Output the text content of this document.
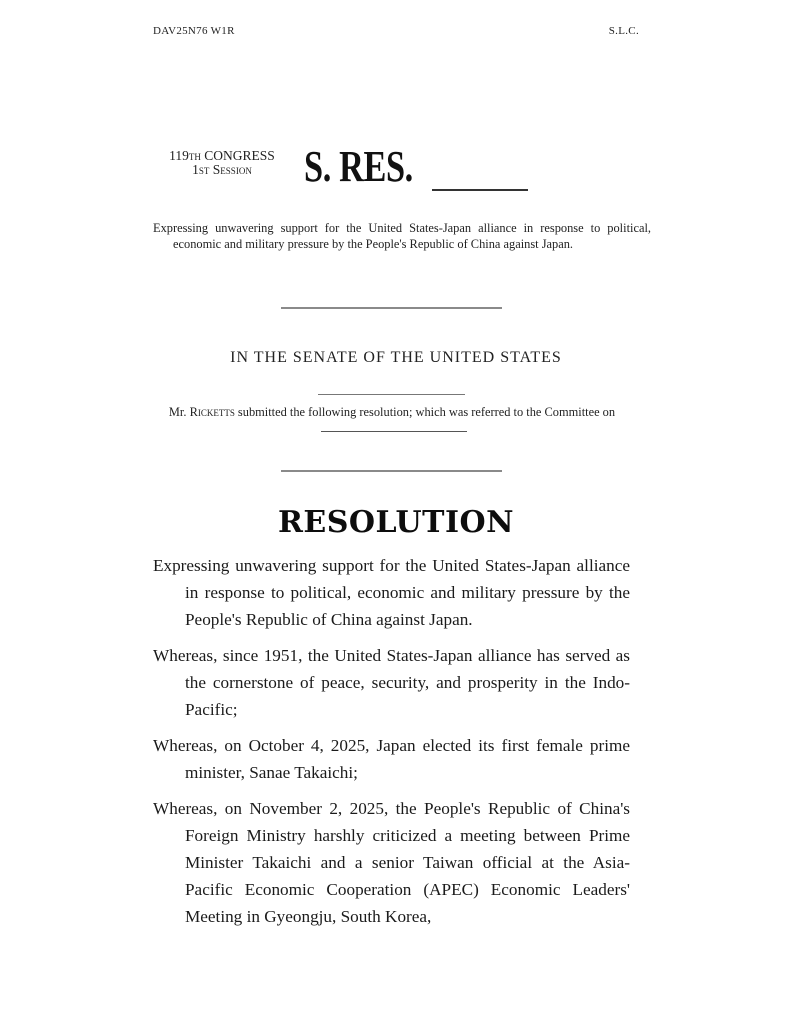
DAV25N76 W1R	S.L.C.
119th CONGRESS
1st Session	S. RES.
Expressing unwavering support for the United States-Japan alliance in response to political, economic and military pressure by the People's Republic of China against Japan.
IN THE SENATE OF THE UNITED STATES
Mr. Ricketts submitted the following resolution; which was referred to the Committee on
RESOLUTION

Expressing unwavering support for the United States-Japan alliance in response to political, economic and military pressure by the People's Republic of China against Japan.

Whereas, since 1951, the United States-Japan alliance has served as the cornerstone of peace, security, and prosperity in the Indo-Pacific;

Whereas, on October 4, 2025, Japan elected its first female prime minister, Sanae Takaichi;

Whereas, on November 2, 2025, the People's Republic of China's Foreign Ministry harshly criticized a meeting between Prime Minister Takaichi and a senior Taiwan official at the Asia-Pacific Economic Cooperation (APEC) Economic Leaders' Meeting in Gyeongju, South Korea,
